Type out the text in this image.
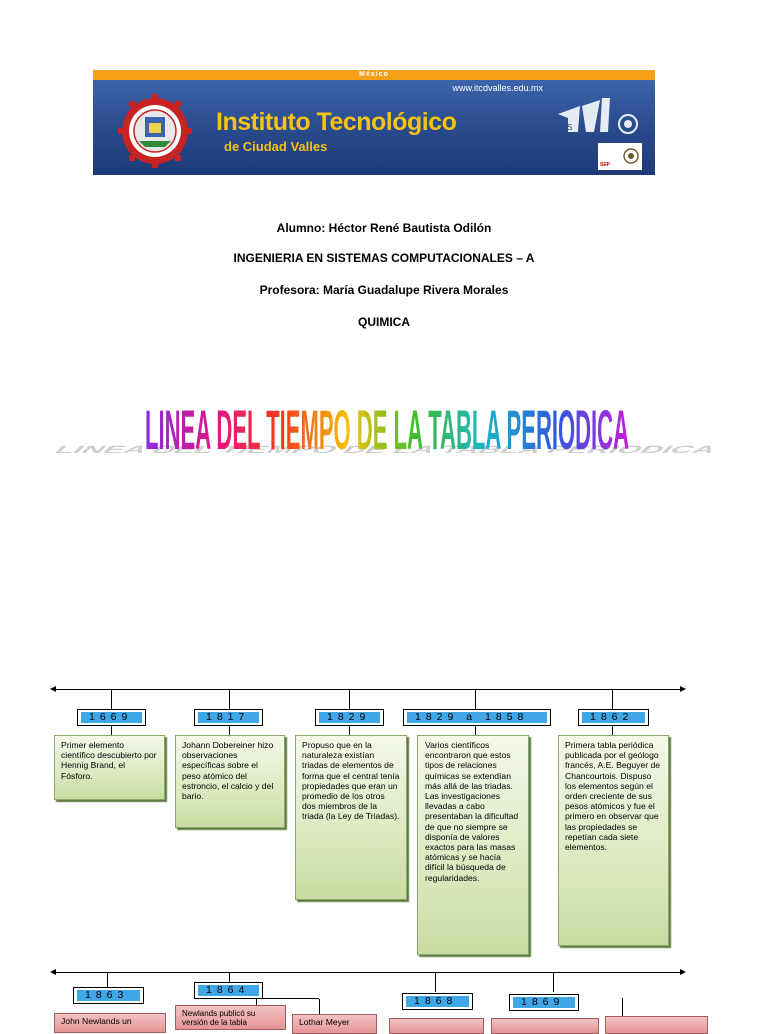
México
www.itcdvalles.edu.mx
Instituto Tecnológico
de Ciudad Valles
ITS
SEP
Alumno: Héctor René Bautista Odilón
INGENIERIA EN SISTEMAS COMPUTACIONALES – A
Profesora: María Guadalupe Rivera Morales
QUIMICA
LINEA DEL TIEMPO DE LA TABLA PERIODICA
LINEA DEL TIEMPO DE LA TABLA PERIODICA
1669	1817	1829	1829 a 1858	1862
Primer elemento científico descubierto por Hennig Brand, el Fósforo.
Johann Dobereiner hizo observaciones específicas sobre el peso atómico del estroncio, el calcio y del bario.
Propuso que en la naturaleza existían triadas de elementos de forma que el central tenía propiedades que eran un promedio de los otros dos miembros de la triada (la Ley de Triadas).
Varios científicos encontraron que estos tipos de relaciones químicas se extendían más allá de las triadas. Las investigaciones llevadas a cabo presentaban la dificultad de que no siempre se disponía de valores exactos para las masas atómicas y se hacía difícil la búsqueda de regularidades.
Primera tabla periódica publicada por el geólogo francés, A.E. Beguyer de Chancourtois. Dispuso los elementos según el orden creciente de sus pesos atómicos y fue el primero en observar que las propiedades se repetían cada siete elementos.
1863	1864
1868	1869
John Newlands un
Newlands publicó su versión de la tabla	Lothar Meyer
